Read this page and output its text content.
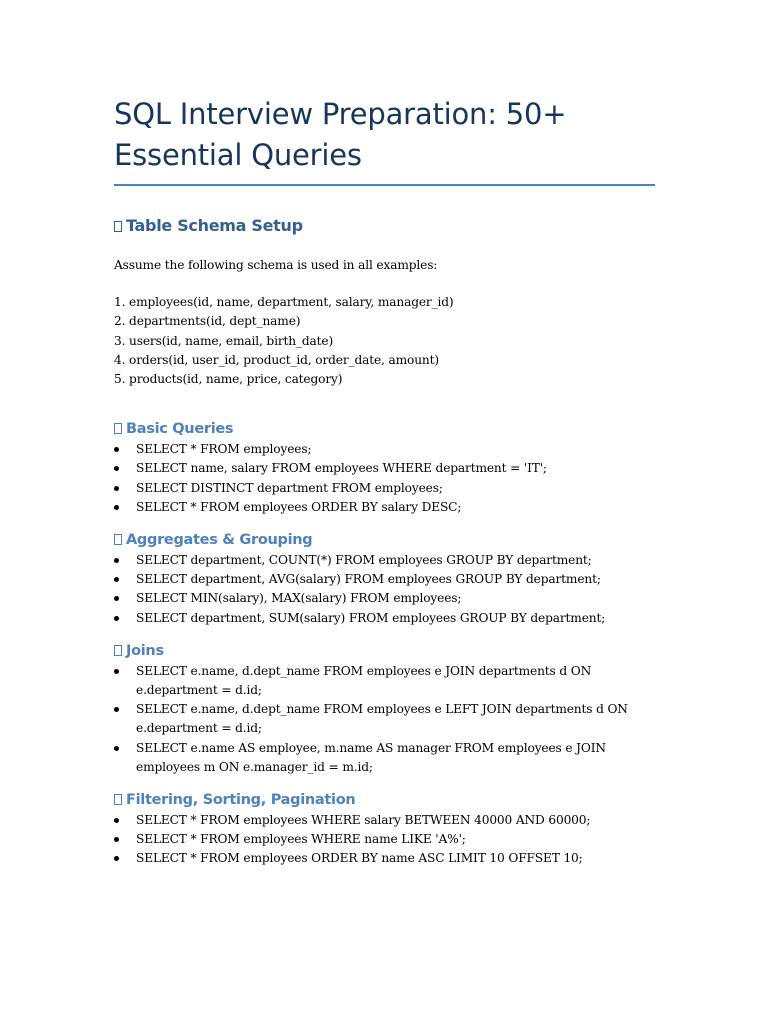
SQL Interview Preparation: 50+ Essential Queries
Table Schema Setup

Assume the following schema is used in all examples:

1. employees(id, name, department, salary, manager_id)
2. departments(id, dept_name)
3. users(id, name, email, birth_date)
4. orders(id, user_id, product_id, order_date, amount)
5. products(id, name, price, category)
Basic Queries
SELECT * FROM employees;
SELECT name, salary FROM employees WHERE department = 'IT';
SELECT DISTINCT department FROM employees;
SELECT * FROM employees ORDER BY salary DESC;
Aggregates & Grouping
SELECT department, COUNT(*) FROM employees GROUP BY department;
SELECT department, AVG(salary) FROM employees GROUP BY department;
SELECT MIN(salary), MAX(salary) FROM employees;
SELECT department, SUM(salary) FROM employees GROUP BY department;
Joins
SELECT e.name, d.dept_name FROM employees e JOIN departments d ON e.department = d.id;
SELECT e.name, d.dept_name FROM employees e LEFT JOIN departments d ON e.department = d.id;
SELECT e.name AS employee, m.name AS manager FROM employees e JOIN employees m ON e.manager_id = m.id;
Filtering, Sorting, Pagination
SELECT * FROM employees WHERE salary BETWEEN 40000 AND 60000;
SELECT * FROM employees WHERE name LIKE 'A%';
SELECT * FROM employees ORDER BY name ASC LIMIT 10 OFFSET 10;
